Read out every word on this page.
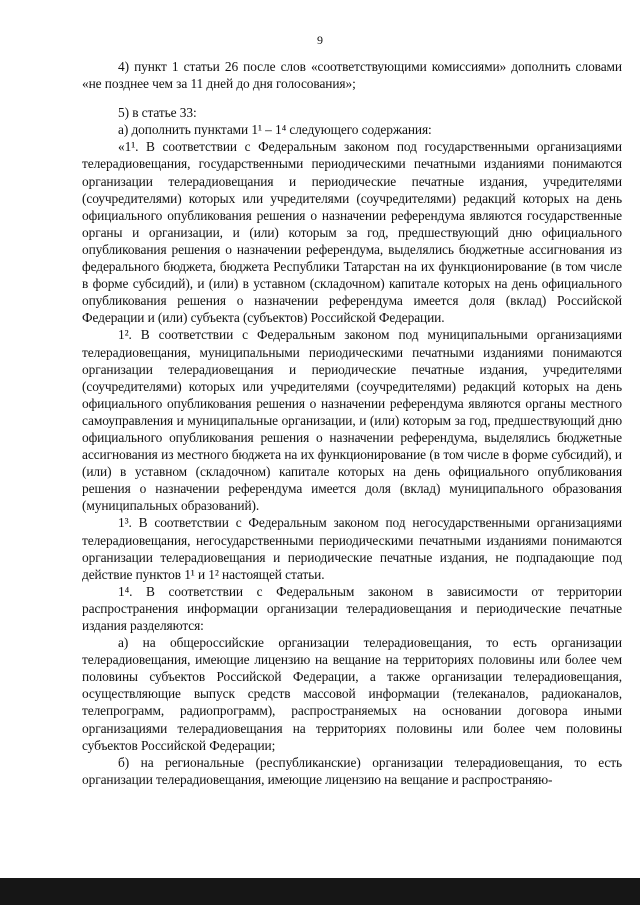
9

4) пункт 1 статьи 26 после слов «соответствующими комиссиями» дополнить словами «не позднее чем за 11 дней до дня голосования»;

5) в статье 33:

а) дополнить пунктами 1¹ – 1⁴ следующего содержания:

«1¹. В соответствии с Федеральным законом под государственными организациями телерадиовещания, государственными периодическими печатными изданиями понимаются организации телерадиовещания и периодические печатные издания, учредителями (соучредителями) которых или учредителями (соучредителями) редакций которых на день официального опубликования решения о назначении референдума являются государственные органы и организации, и (или) которым за год, предшествующий дню официального опубликования решения о назначении референдума, выделялись бюджетные ассигнования из федерального бюджета, бюджета Республики Татарстан на их функционирование (в том числе в форме субсидий), и (или) в уставном (складочном) капитале которых на день официального опубликования решения о назначении референдума имеется доля (вклад) Российской Федерации и (или) субъекта (субъектов) Российской Федерации.

1². В соответствии с Федеральным законом под муниципальными организациями телерадиовещания, муниципальными периодическими печатными изданиями понимаются организации телерадиовещания и периодические печатные издания, учредителями (соучредителями) которых или учредителями (соучредителями) редакций которых на день официального опубликования решения о назначении референдума являются органы местного самоуправления и муниципальные организации, и (или) которым за год, предшествующий дню официального опубликования решения о назначении референдума, выделялись бюджетные ассигнования из местного бюджета на их функционирование (в том числе в форме субсидий), и (или) в уставном (складочном) капитале которых на день официального опубликования решения о назначении референдума имеется доля (вклад) муниципального образования (муниципальных образований).

1³. В соответствии с Федеральным законом под негосударственными организациями телерадиовещания, негосударственными периодическими печатными изданиями понимаются организации телерадиовещания и периодические печатные издания, не подпадающие под действие пунктов 1¹ и 1² настоящей статьи.

1⁴. В соответствии с Федеральным законом в зависимости от территории распространения информации организации телерадиовещания и периодические печатные издания разделяются:

а) на общероссийские организации телерадиовещания, то есть организации телерадиовещания, имеющие лицензию на вещание на территориях половины или более чем половины субъектов Российской Федерации, а также организации телерадиовещания, осуществляющие выпуск средств массовой информации (телеканалов, радиоканалов, телепрограмм, радиопрограмм), распространяемых на основании договора иными организациями телерадиовещания на территориях половины или более чем половины субъектов Российской Федерации;

б) на региональные (республиканские) организации телерадиовещания, то есть организации телерадиовещания, имеющие лицензию на вещание и распространяю-
